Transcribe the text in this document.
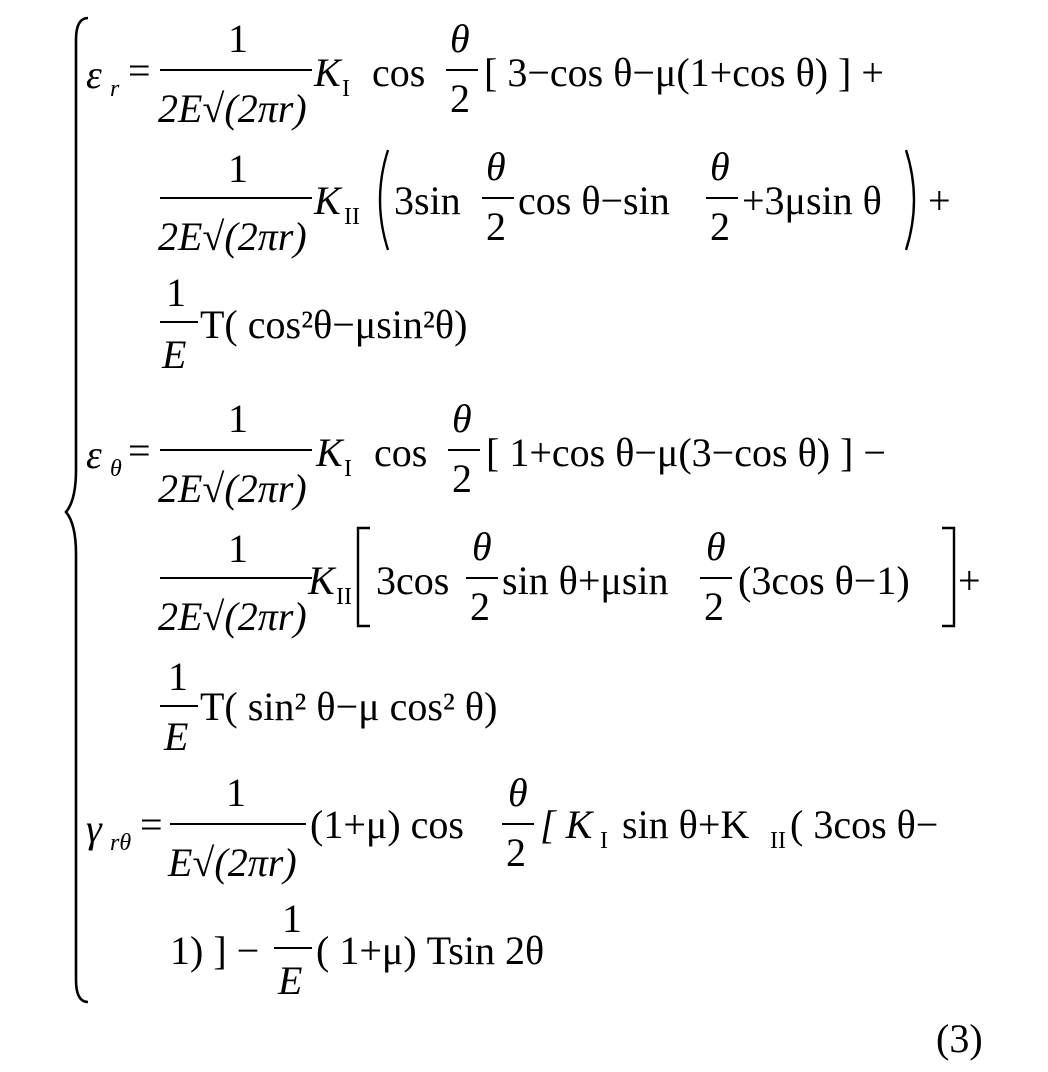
ε r =
1
2E√(2πr)
K I cos
θ
2
[ 3−cos θ−μ(1+cos θ) ] +
1
2E√(2πr)
K II 3sin
θ
2
cos θ−sin
θ
2
+3μsin θ +
1
E
T( cos²θ−μsin²θ)
ε θ =
1
2E√(2πr)
K I cos
θ
2
[ 1+cos θ−μ(3−cos θ) ] −
1
2E√(2πr)
K II 3cos
θ
2
sin θ+μsin
θ
2
(3cos θ−1) +
1
E
T( sin² θ−μ cos² θ)
γ rθ =
1
E√(2πr)
(1+μ) cos
θ
2
[ K I sin θ+K II ( 3cos θ−
1) ] −
1
E
( 1+μ) Tsin 2θ
(3)
